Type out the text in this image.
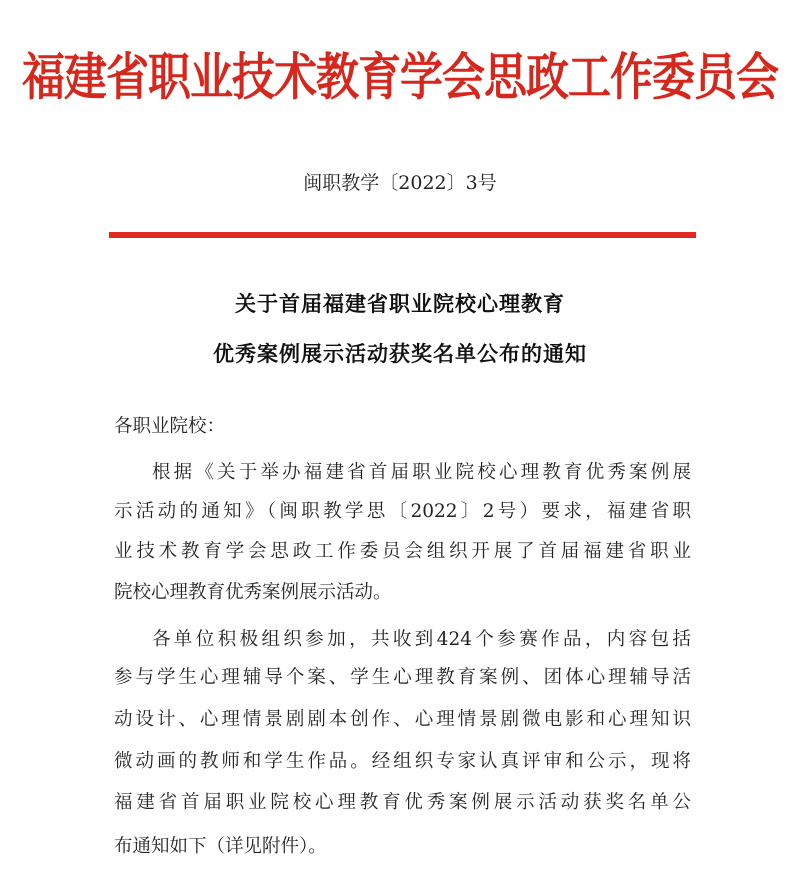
福建省职业技术教育学会思政工作委员会
闽职教学〔2022〕3号
关于首届福建省职业院校心理教育
优秀案例展示活动获奖名单公布的通知
各职业院校：
根据《关于举办福建省首届职业院校心理教育优秀案例展
示活动的通知》（闽职教学思〔2022〕2号）要求，福建省职
业技术教育学会思政工作委员会组织开展了首届福建省职业
院校心理教育优秀案例展示活动。
各单位积极组织参加，共收到424个参赛作品，内容包括
参与学生心理辅导个案、学生心理教育案例、团体心理辅导活
动设计、心理情景剧剧本创作、心理情景剧微电影和心理知识
微动画的教师和学生作品。经组织专家认真评审和公示，现将
福建省首届职业院校心理教育优秀案例展示活动获奖名单公
布通知如下（详见附件）。
